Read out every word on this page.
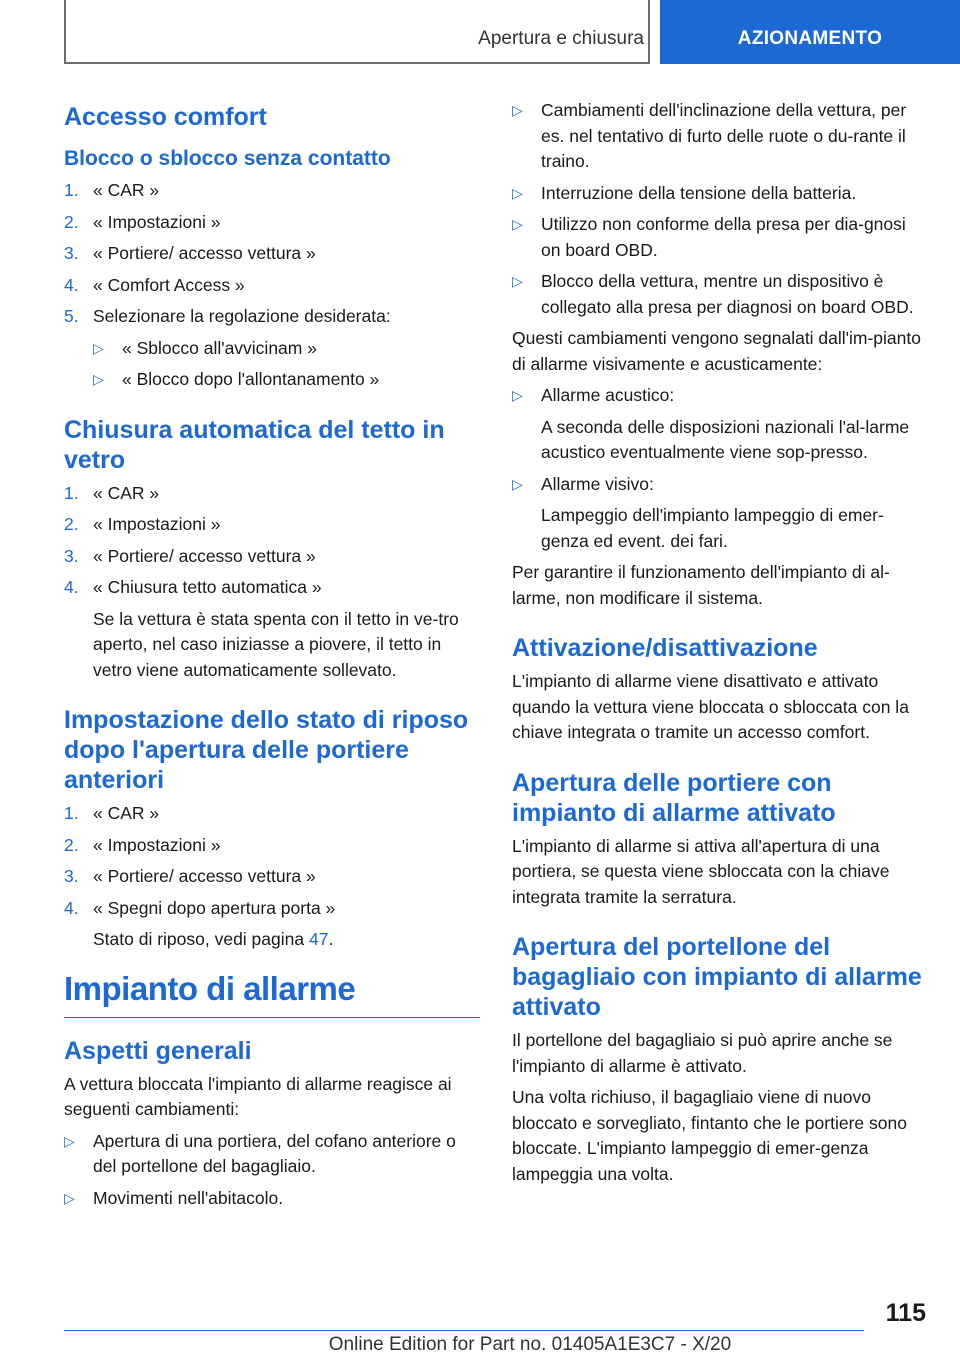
Apertura e chiusura	AZIONAMENTO
Accesso comfort
Blocco o sblocco senza contatto
1. « CAR »
2. « Impostazioni »
3. « Portiere/ accesso vettura »
4. « Comfort Access »
5. Selezionare la regolazione desiderata:
▷	« Sblocco all'avvicinam »
▷	« Blocco dopo l'allontanamento »
Chiusura automatica del tetto in vetro
1. « CAR »
2. « Impostazioni »
3. « Portiere/ accesso vettura »
4. « Chiusura tetto automatica »

Se la vettura è stata spenta con il tetto in ve-tro aperto, nel caso iniziasse a piovere, il tetto in vetro viene automaticamente sollevato.

Impostazione dello stato di riposo dopo l'apertura delle portiere anteriori
1. « CAR »
2. « Impostazioni »
3. « Portiere/ accesso vettura »
4. « Spegni dopo apertura porta »

Stato di riposo, vedi pagina 47.

Impianto di allarme
Aspetti generali

A vettura bloccata l'impianto di allarme reagisce ai seguenti cambiamenti:

▷	Apertura di una portiera, del cofano anteriore o del portellone del bagagliaio.
▷	Movimenti nell'abitacolo.
▷	Cambiamenti dell'inclinazione della vettura, per es. nel tentativo di furto delle ruote o du-rante il traino.
▷	Interruzione della tensione della batteria.
▷	Utilizzo non conforme della presa per dia-gnosi on board OBD.
▷	Blocco della vettura, mentre un dispositivo è collegato alla presa per diagnosi on board OBD.

Questi cambiamenti vengono segnalati dall'im-pianto di allarme visivamente e acusticamente:

▷	Allarme acustico:

A seconda delle disposizioni nazionali l'al-larme acustico eventualmente viene sop-presso.

▷	Allarme visivo:

Lampeggio dell'impianto lampeggio di emer-genza ed event. dei fari.

Per garantire il funzionamento dell'impianto di al-larme, non modificare il sistema.

Attivazione/disattivazione

L'impianto di allarme viene disattivato e attivato quando la vettura viene bloccata o sbloccata con la chiave integrata o tramite un accesso comfort.

Apertura delle portiere con impianto di allarme attivato

L'impianto di allarme si attiva all'apertura di una portiera, se questa viene sbloccata con la chiave integrata tramite la serratura.

Apertura del portellone del bagagliaio con impianto di allarme attivato

Il portellone del bagagliaio si può aprire anche se l'impianto di allarme è attivato.

Una volta richiuso, il bagagliaio viene di nuovo bloccato e sorvegliato, fintanto che le portiere sono bloccate. L'impianto lampeggio di emer-genza lampeggia una volta.

115
Online Edition for Part no. 01405A1E3C7 - X/20
